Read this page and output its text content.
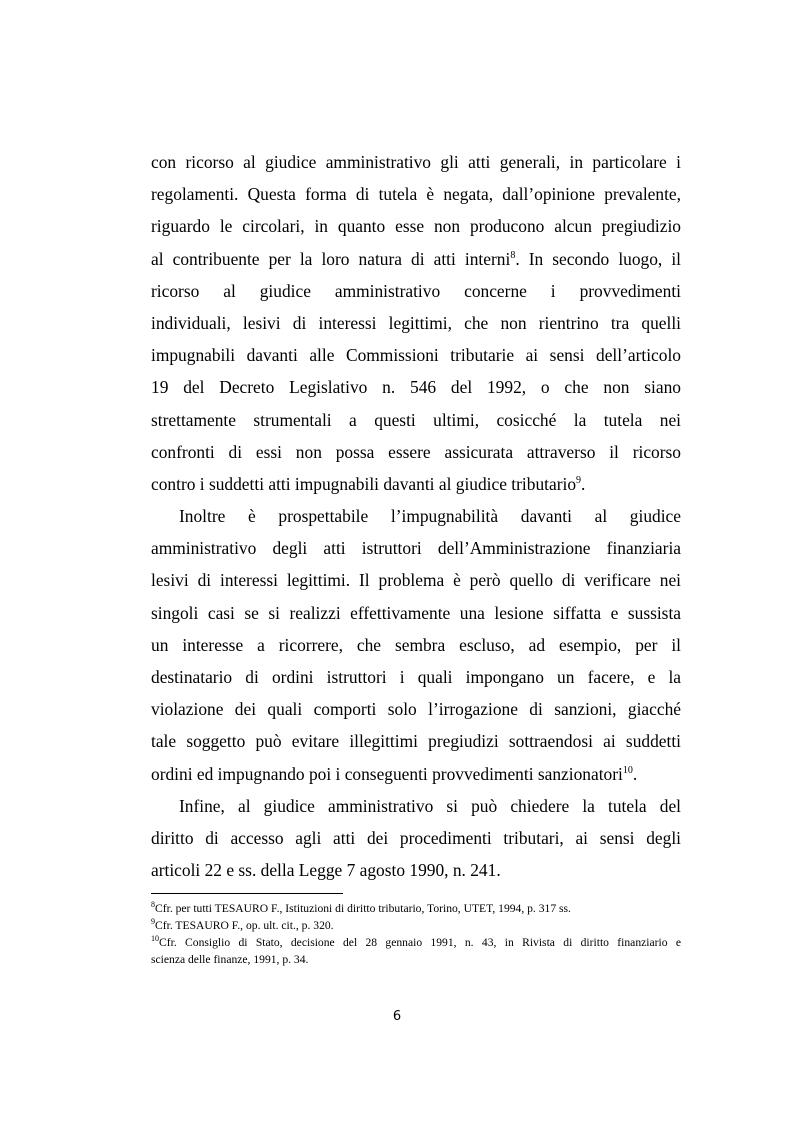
con ricorso al giudice amministrativo gli atti generali, in particolare i
regolamenti. Questa forma di tutela è negata, dall’opinione prevalente,
riguardo le circolari, in quanto esse non producono alcun pregiudizio
al contribuente per la loro natura di atti interni$^8$. In secondo luogo, il
ricorso al giudice amministrativo concerne i provvedimenti
individuali, lesivi di interessi legittimi, che non rientrino tra quelli
impugnabili davanti alle Commissioni tributarie ai sensi dell’articolo
19 del Decreto Legislativo n. 546 del 1992, o che non siano
strettamente strumentali a questi ultimi, cosicché la tutela nei
confronti di essi non possa essere assicurata attraverso il ricorso
contro i suddetti atti impugnabili davanti al giudice tributario$^9$.
Inoltre è prospettabile l’impugnabilità davanti al giudice
amministrativo degli atti istruttori dell’Amministrazione finanziaria
lesivi di interessi legittimi. Il problema è però quello di verificare nei
singoli casi se si realizzi effettivamente una lesione siffatta e sussista
un interesse a ricorrere, che sembra escluso, ad esempio, per il
destinatario di ordini istruttori i quali impongano un facere, e la
violazione dei quali comporti solo l’irrogazione di sanzioni, giacché
tale soggetto può evitare illegittimi pregiudizi sottraendosi ai suddetti
ordini ed impugnando poi i conseguenti provvedimenti sanzionatori$^{10}$.
Infine, al giudice amministrativo si può chiedere la tutela del
diritto di accesso agli atti dei procedimenti tributari, ai sensi degli
articoli 22 e ss. della Legge 7 agosto 1990, n. 241.
$^8$Cfr. per tutti TESAURO F., Istituzioni di diritto tributario, Torino, UTET, 1994, p. 317 ss.
$^9$Cfr. TESAURO F., op. ult. cit., p. 320.
$^{10}$Cfr. Consiglio di Stato, decisione del 28 gennaio 1991, n. 43, in Rivista di diritto finanziario e
scienza delle finanze, 1991, p. 34.
6
